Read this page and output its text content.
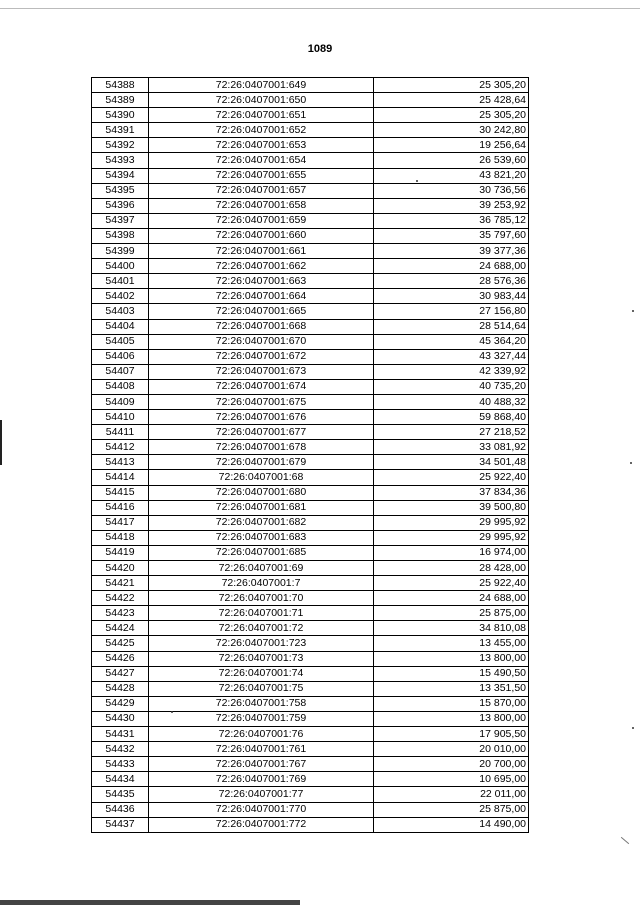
1089
54388	72:26:0407001:649	25 305,20
54389	72:26:0407001:650	25 428,64
54390	72:26:0407001:651	25 305,20
54391	72:26:0407001:652	30 242,80
54392	72:26:0407001:653	19 256,64
54393	72:26:0407001:654	26 539,60
54394	72:26:0407001:655	43 821,20
54395	72:26:0407001:657	30 736,56
54396	72:26:0407001:658	39 253,92
54397	72:26:0407001:659	36 785,12
54398	72:26:0407001:660	35 797,60
54399	72:26:0407001:661	39 377,36
54400	72:26:0407001:662	24 688,00
54401	72:26:0407001:663	28 576,36
54402	72:26:0407001:664	30 983,44
54403	72:26:0407001:665	27 156,80
54404	72:26:0407001:668	28 514,64
54405	72:26:0407001:670	45 364,20
54406	72:26:0407001:672	43 327,44
54407	72:26:0407001:673	42 339,92
54408	72:26:0407001:674	40 735,20
54409	72:26:0407001:675	40 488,32
54410	72:26:0407001:676	59 868,40
54411	72:26:0407001:677	27 218,52
54412	72:26:0407001:678	33 081,92
54413	72:26:0407001:679	34 501,48
54414	72:26:0407001:68	25 922,40
54415	72:26:0407001:680	37 834,36
54416	72:26:0407001:681	39 500,80
54417	72:26:0407001:682	29 995,92
54418	72:26:0407001:683	29 995,92
54419	72:26:0407001:685	16 974,00
54420	72:26:0407001:69	28 428,00
54421	72:26:0407001:7	25 922,40
54422	72:26:0407001:70	24 688,00
54423	72:26:0407001:71	25 875,00
54424	72:26:0407001:72	34 810,08
54425	72:26:0407001:723	13 455,00
54426	72:26:0407001:73	13 800,00
54427	72:26:0407001:74	15 490,50
54428	72:26:0407001:75	13 351,50
54429	72:26:0407001:758	15 870,00
54430	72:26:0407001:759	13 800,00
54431	72:26:0407001:76	17 905,50
54432	72:26:0407001:761	20 010,00
54433	72:26:0407001:767	20 700,00
54434	72:26:0407001:769	10 695,00
54435	72:26:0407001:77	22 011,00
54436	72:26:0407001:770	25 875,00
54437	72:26:0407001:772	14 490,00
